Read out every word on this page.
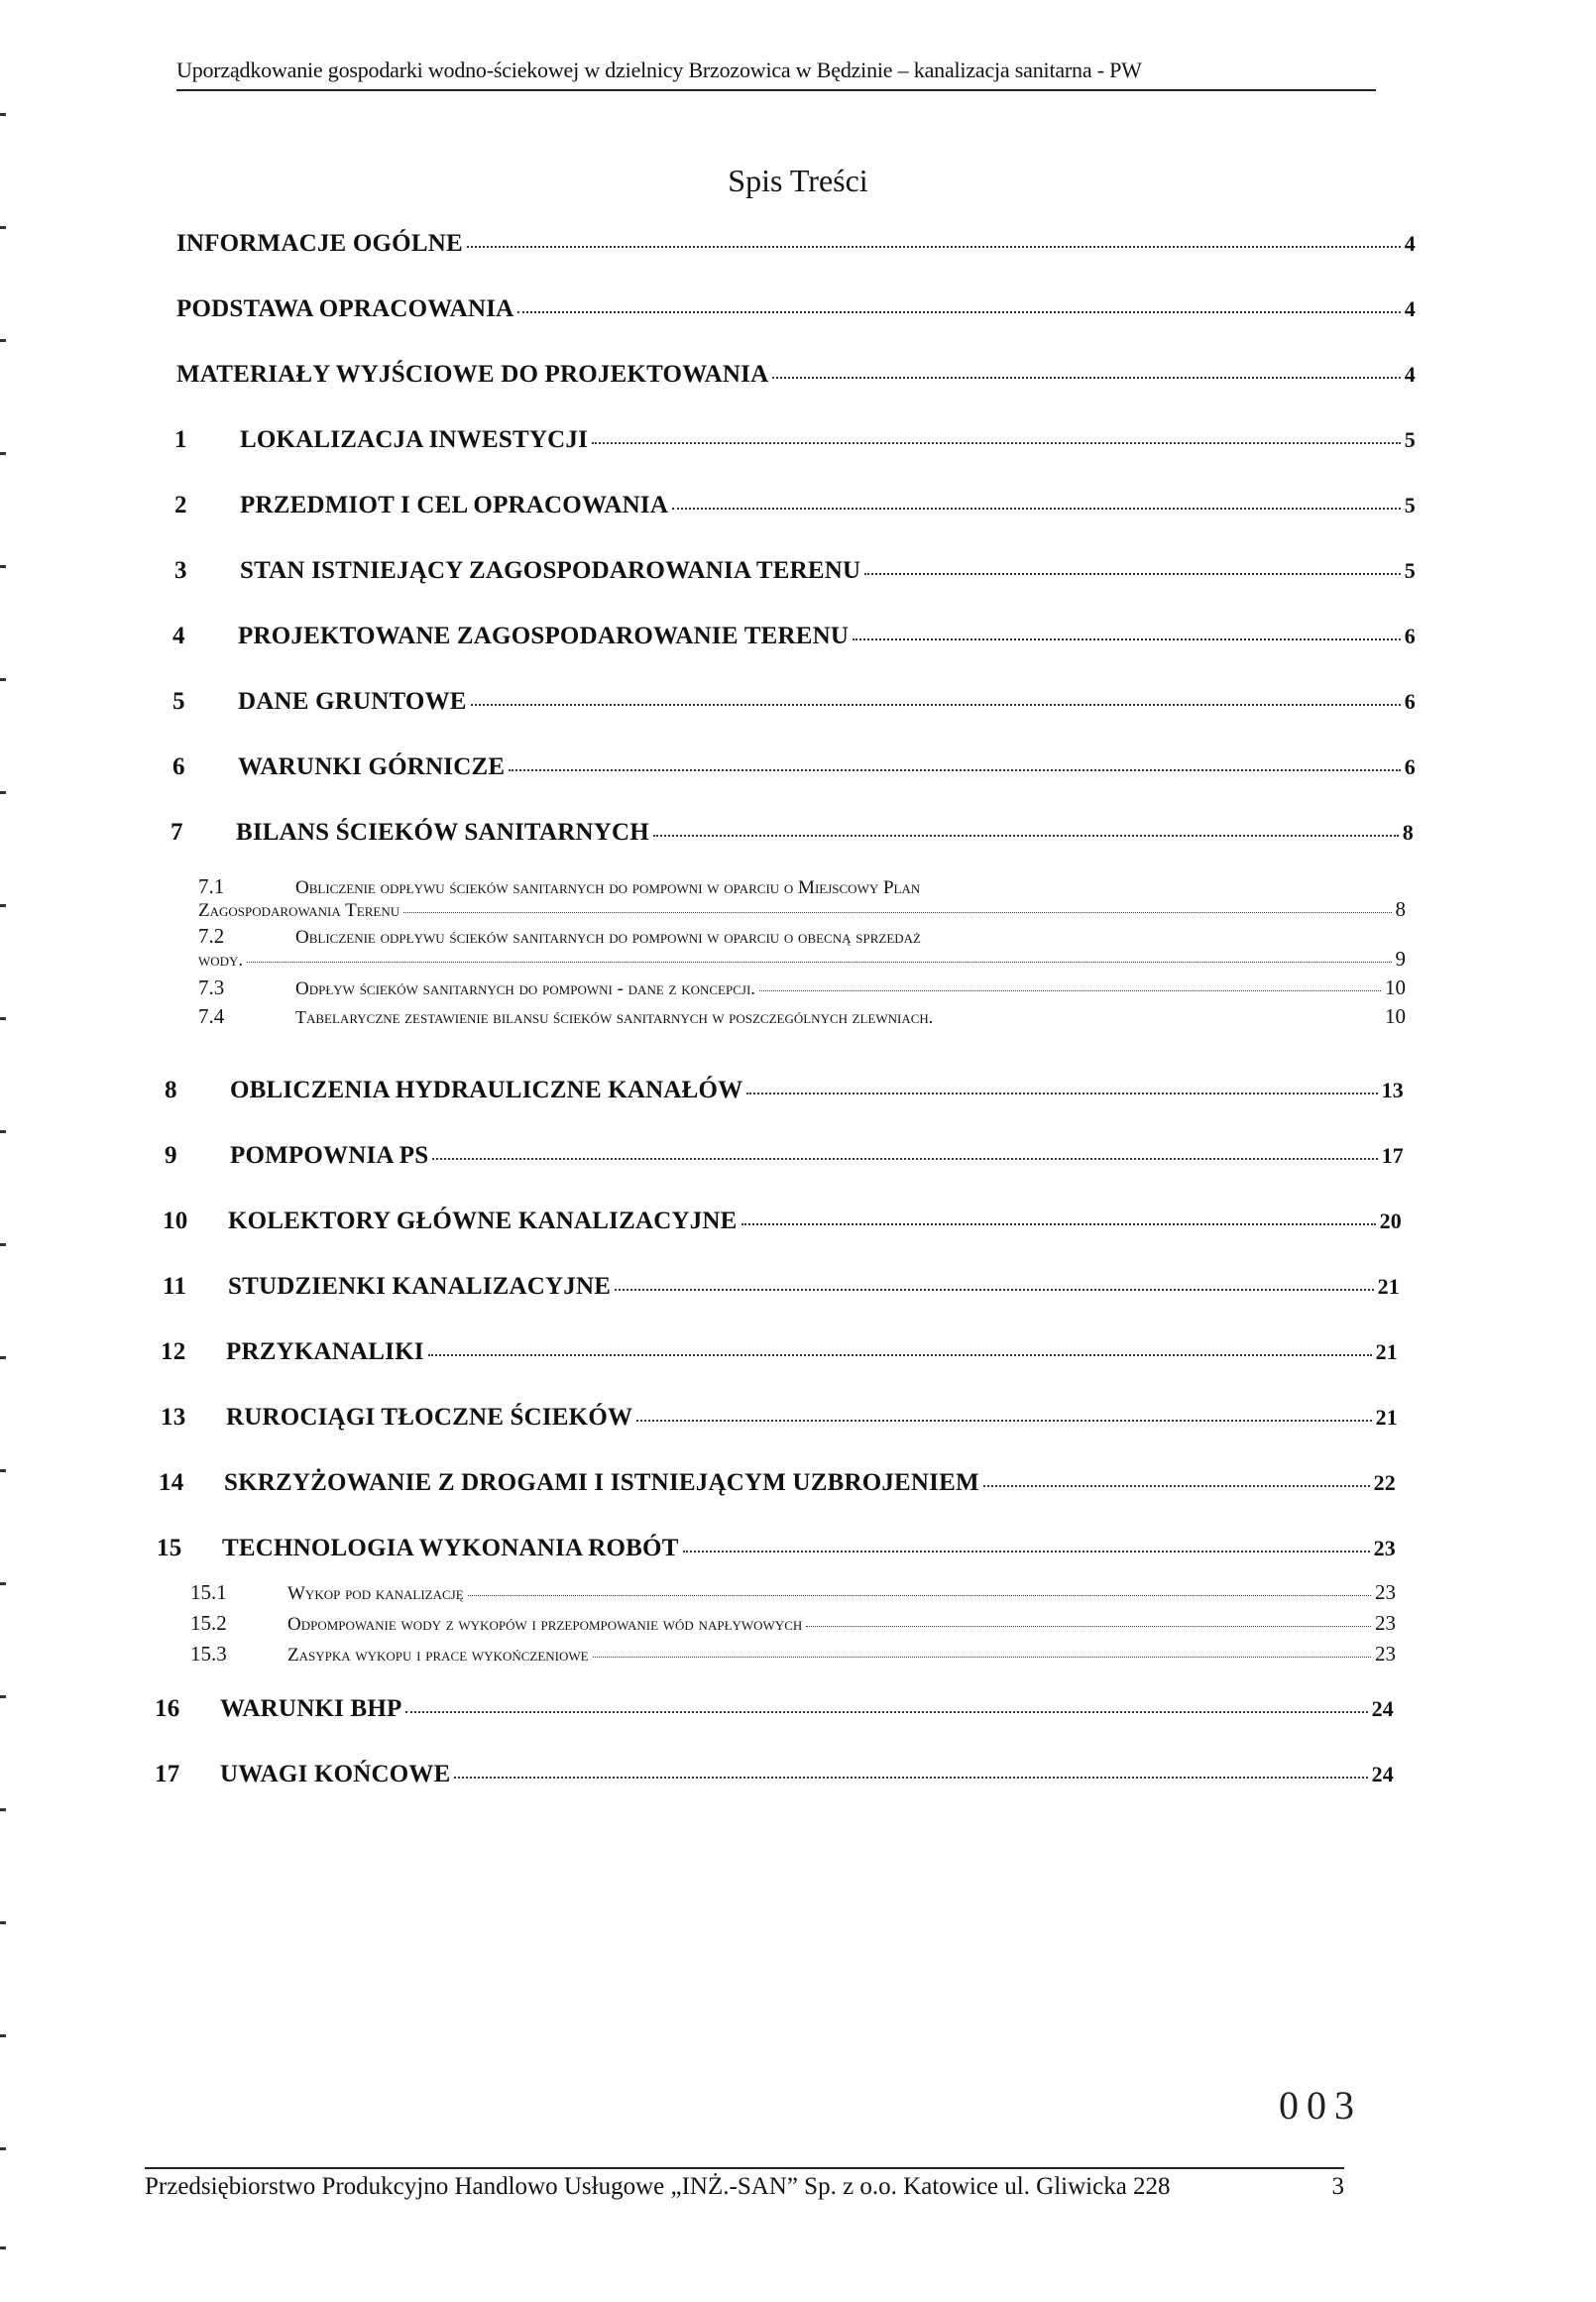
Uporządkowanie gospodarki wodno-ściekowej w dzielnicy Brzozowica w Będzinie – kanalizacja sanitarna - PW
Spis Treści
INFORMACJE OGÓLNE	4
PODSTAWA OPRACOWANIA	4
MATERIAŁY WYJŚCIOWE DO PROJEKTOWANIA	4
1	LOKALIZACJA INWESTYCJI	5
2	PRZEDMIOT I CEL OPRACOWANIA	5
3	STAN ISTNIEJĄCY ZAGOSPODAROWANIA TERENU	5
4	PROJEKTOWANE ZAGOSPODAROWANIE TERENU	6
5	DANE GRUNTOWE	6
6	WARUNKI GÓRNICZE	6
7	BILANS ŚCIEKÓW SANITARNYCH	8
7.1	Obliczenie odpływu ścieków sanitarnych do pompowni w oparciu o Miejscowy Plan
Zagospodarowania Terenu	8
7.2	Obliczenie odpływu ścieków sanitarnych do pompowni w oparciu o obecną sprzedaż
wody.	9
7.3	Odpływ ścieków sanitarnych do pompowni - dane z koncepcji.	10
7.4	Tabelaryczne zestawienie bilansu ścieków sanitarnych w poszczególnych zlewniach.	10
8	OBLICZENIA HYDRAULICZNE KANAŁÓW	13
9	POMPOWNIA PS	17
10	KOLEKTORY GŁÓWNE KANALIZACYJNE	20
11	STUDZIENKI KANALIZACYJNE	21
12	PRZYKANALIKI	21
13	RUROCIĄGI TŁOCZNE ŚCIEKÓW	21
14	SKRZYŻOWANIE Z DROGAMI I ISTNIEJĄCYM UZBROJENIEM	22
15	TECHNOLOGIA WYKONANIA ROBÓT	23
15.1	Wykop pod kanalizację	23
15.2	Odpompowanie wody z wykopów i przepompowanie wód napływowych	23
15.3	Zasypka wykopu i prace wykończeniowe	23
16	WARUNKI BHP	24
17	UWAGI KOŃCOWE	24
003
Przedsiębiorstwo Produkcyjno Handlowo Usługowe „INŻ.-SAN” Sp. z o.o. Katowice ul. Gliwicka 228	3
